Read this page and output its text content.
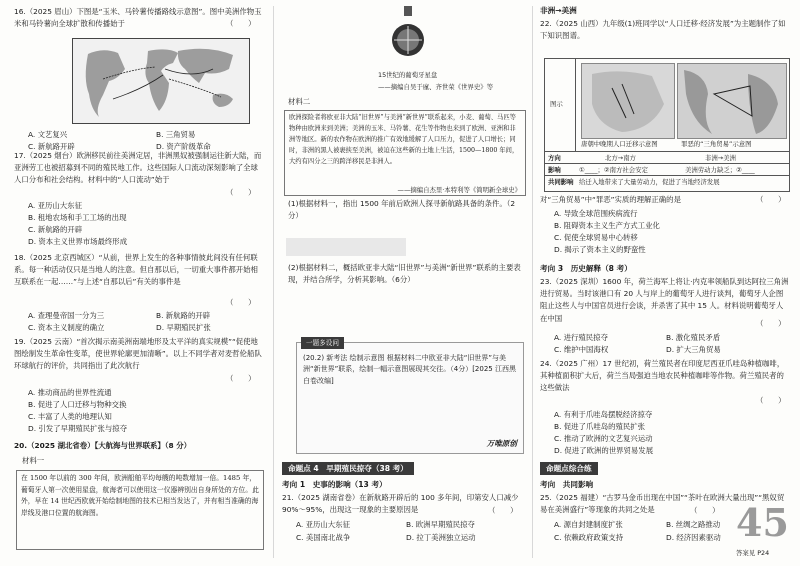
16.（2025 眉山）下图是“玉米、马铃薯传播路线示意图”。图中美洲作物玉米和马铃薯向全球扩散和传播始于	（　　）
A. 文艺复兴	B. 三角贸易
C. 新航路开辟	D. 资产阶级革命
17.（2025 烟台）欧洲移民前往美洲定居，非洲黑奴被强制运往新大陆，而亚洲劳工也被招募到不同的殖民地工作。这些国际人口流动深刻影响了全球人口分布和社会结构。材料中的“人口流动”始于
（　　）
A. 亚历山大东征
B. 租地农场和手工工场的出现
C. 新航路的开辟
D. 资本主义世界市场最终形成
18.（2025 北京西城区）“从前，世界上发生的各种事情彼此间没有任何联系。每一种活动仅只是当地人的注意。但自那以后，一切重大事件都开始相互联系在一起……”与上述“自那以后”有关的事件是
（　　）
A. 查理曼帝国一分为三	B. 新航路的开辟
C. 资本主义制度的确立	D. 早期殖民扩张
19.（2025 云南）“首次揭示南美洲南端地形及太平洋的真实规模”“促使地图绘制发生革命性变革，使世界轮廓更加清晰”。以上不同学者对麦哲伦船队环球航行的评价，共同指出了此次航行
（　　）
A. 推动商品的世界性流通
B. 促进了人口迁移与物种交换
C. 丰富了人类的地理认知
D. 引发了早期殖民扩张与掠夺
20.（2025 湖北省卷）【大航海与世界联系】（8 分）
材料一
在 1500 年以前的 300 年间，欧洲船舶平均每艘的吨数增加一倍。1485 年，葡萄牙人第一次使用星盘，航海者可以使用这一仪器辨别出自身所处的方位。此外，早在 14 世纪西欧就开始绘制地图的技术已相当发达了，并有相当准确的海岸线及港口位置的航海图。
15世纪的葡萄牙星盘
——摘编自吴于廑、齐世荣《世界史》等
材料二
欧洲探险者将欧亚非大陆“旧世界”与美洲“新世界”联系起来，小麦、葡萄、马匹等物种由欧洲来到美洲；美洲的玉米、马铃薯、花生等作物也来到了欧洲、亚洲和非洲等地区。新的农作物在欧洲的推广有效地缓解了人口压力，促进了人口增长；同时，非洲的黑人被裹挟至美洲，被迫在这些新的土地上生活，1500—1800 年间，大约有四分之三的跨洋移民是非洲人。
——摘编自杰里·本特利等《简明新全球史》
(1)根据材料一，指出 1500 年前后欧洲人探寻新航路具备的条件。（2分）
(2)根据材料二，概括欧亚非大陆“旧世界”与美洲“新世界”联系的主要表现，并结合所学，分析其影响。（6分）
一题多设问
(20.2) 新考法 绘制示意图 根据材料二中欧亚非大陆“旧世界”与美洲“新世界”联系，绘制一幅示意图展现其交往。（4分）[2025 江西黑白卷改编]
万唯原创
命题点 4　早期殖民掠夺（38 考）
考向 1　史事的影响（13 考）
21.（2025 湖南省卷）在新航路开辟后的 100 多年间，印第安人口减少 90%～95%，出现这一现象的主要原因是	（　　）
A. 亚历山大东征	B. 欧洲早期殖民掠夺
C. 美国南北战争	D. 拉丁美洲独立运动
非洲→美洲
22.（2025 山西）九年级(1)班同学以“人口迁移·经济发展”为主题制作了如下知识图谱。
图示
唐朝中晚期人口迁移示意图	罪恶的“三角贸易”示意图
方向	北方→南方	非洲→美洲
影响	①____；②南方社会安定	美洲劳动力缺乏；②____
共同影响 给迁入地带来了大量劳动力，促进了当地经济发展
对“三角贸易”中“罪恶”实质的理解正确的是	（　　）
A. 导致全球范围疾病流行
B. 阻碍资本主义生产方式工业化
C. 促使全球贸易中心转移
D. 揭示了资本主义的野蛮性
考向 3　历史解释（8 考）
23.（2025 深圳）1600 年，荷兰海军上将让·内克率领船队到达阿拉三角洲进行贸易。当时该港口有 20 人与岸上的葡萄牙人进行谈判，葡萄牙人企图阻止这些人与中国官员进行会谈，并杀害了其中 15 人。材料说明葡萄牙人在中国
（　　）
A. 进行殖民掠夺	B. 激化殖民矛盾
C. 维护中国海权	D. 扩大三角贸易
24.（2025 广州）17 世纪初，荷兰殖民者在印度尼西亚爪哇岛种植咖啡，其种植面积扩大后，荷兰当局强迫当地农民种植咖啡等作物。荷兰殖民者的这些做法
（　　）
A. 有利于爪哇岛摆脱经济掠夺
B. 促进了爪哇岛的殖民扩张
C. 推动了欧洲的文艺复兴运动
D. 促进了欧洲的世界贸易发展
命题点综合练
考向　共同影响
25.（2025 福建）“古罗马金币出现在中国”“茶叶在欧洲大量出现”“黑奴贸易在美洲盛行”等现象的共同之处是	（　　）
A. 源自封建制度扩张	B. 丝绸之路推动
C. 依赖政府政策支持	D. 经济因素驱动 45
答案见 P24
